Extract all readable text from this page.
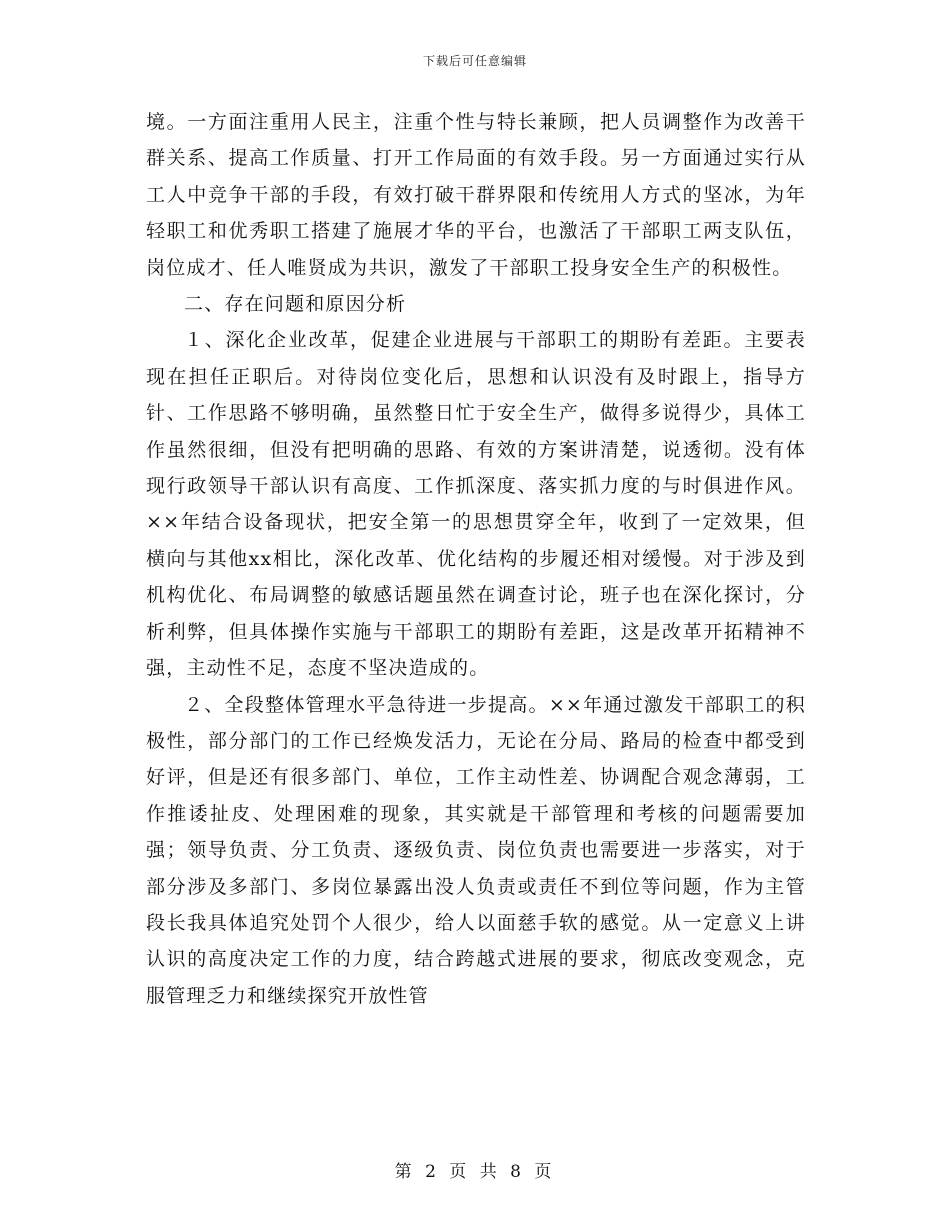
下载后可任意编辑

境。一方面注重用人民主，注重个性与特长兼顾，把人员调整作为改善干群关系、提高工作质量、打开工作局面的有效手段。另一方面通过实行从工人中竞争干部的手段，有效打破干群界限和传统用人方式的坚冰，为年轻职工和优秀职工搭建了施展才华的平台，也激活了干部职工两支队伍，岗位成才、任人唯贤成为共识，激发了干部职工投身安全生产的积极性。

二、存在问题和原因分析

１、深化企业改革，促建企业进展与干部职工的期盼有差距。主要表现在担任正职后。对待岗位变化后，思想和认识没有及时跟上，指导方针、工作思路不够明确，虽然整日忙于安全生产，做得多说得少，具体工作虽然很细，但没有把明确的思路、有效的方案讲清楚，说透彻。没有体现行政领导干部认识有高度、工作抓深度、落实抓力度的与时俱进作风。××年结合设备现状，把安全第一的思想贯穿全年，收到了一定效果，但横向与其他xx相比，深化改革、优化结构的步履还相对缓慢。对于涉及到机构优化、布局调整的敏感话题虽然在调查讨论，班子也在深化探讨，分析利弊，但具体操作实施与干部职工的期盼有差距，这是改革开拓精神不强，主动性不足，态度不坚决造成的。

２、全段整体管理水平急待进一步提高。××年通过激发干部职工的积极性，部分部门的工作已经焕发活力，无论在分局、路局的检查中都受到好评，但是还有很多部门、单位，工作主动性差、协调配合观念薄弱，工作推诿扯皮、处理困难的现象，其实就是干部管理和考核的问题需要加强；领导负责、分工负责、逐级负责、岗位负责也需要进一步落实，对于部分涉及多部门、多岗位暴露出没人负责或责任不到位等问题，作为主管段长我具体追究处罚个人很少，给人以面慈手软的感觉。从一定意义上讲认识的高度决定工作的力度，结合跨越式进展的要求，彻底改变观念，克服管理乏力和继续探究开放性管

第 2 页 共 8 页
